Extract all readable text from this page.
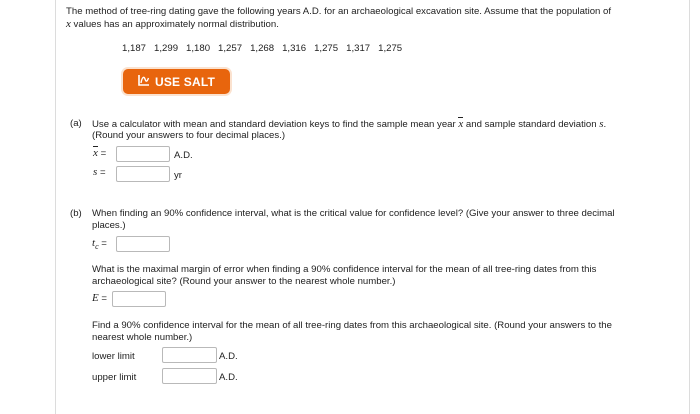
The method of tree-ring dating gave the following years A.D. for an archaeological excavation site. Assume that the population of
x values has an approximately normal distribution.
1,187 1,299 1,180 1,257 1,268 1,316 1,275 1,317 1,275
USE SALT
(a) Use a calculator with mean and standard deviation keys to find the sample mean year x and sample standard deviation s.
(Round your answers to four decimal places.)
x =	A.D.
s =	yr
(b) When finding an 90% confidence interval, what is the critical value for confidence level? (Give your answer to three decimal
places.)
$t_c$ =
What is the maximal margin of error when finding a 90% confidence interval for the mean of all tree-ring dates from this
archaeological site? (Round your answer to the nearest whole number.)
E =
Find a 90% confidence interval for the mean of all tree-ring dates from this archaeological site. (Round your answers to the
nearest whole number.)
lower limit	A.D.
upper limit	A.D.
